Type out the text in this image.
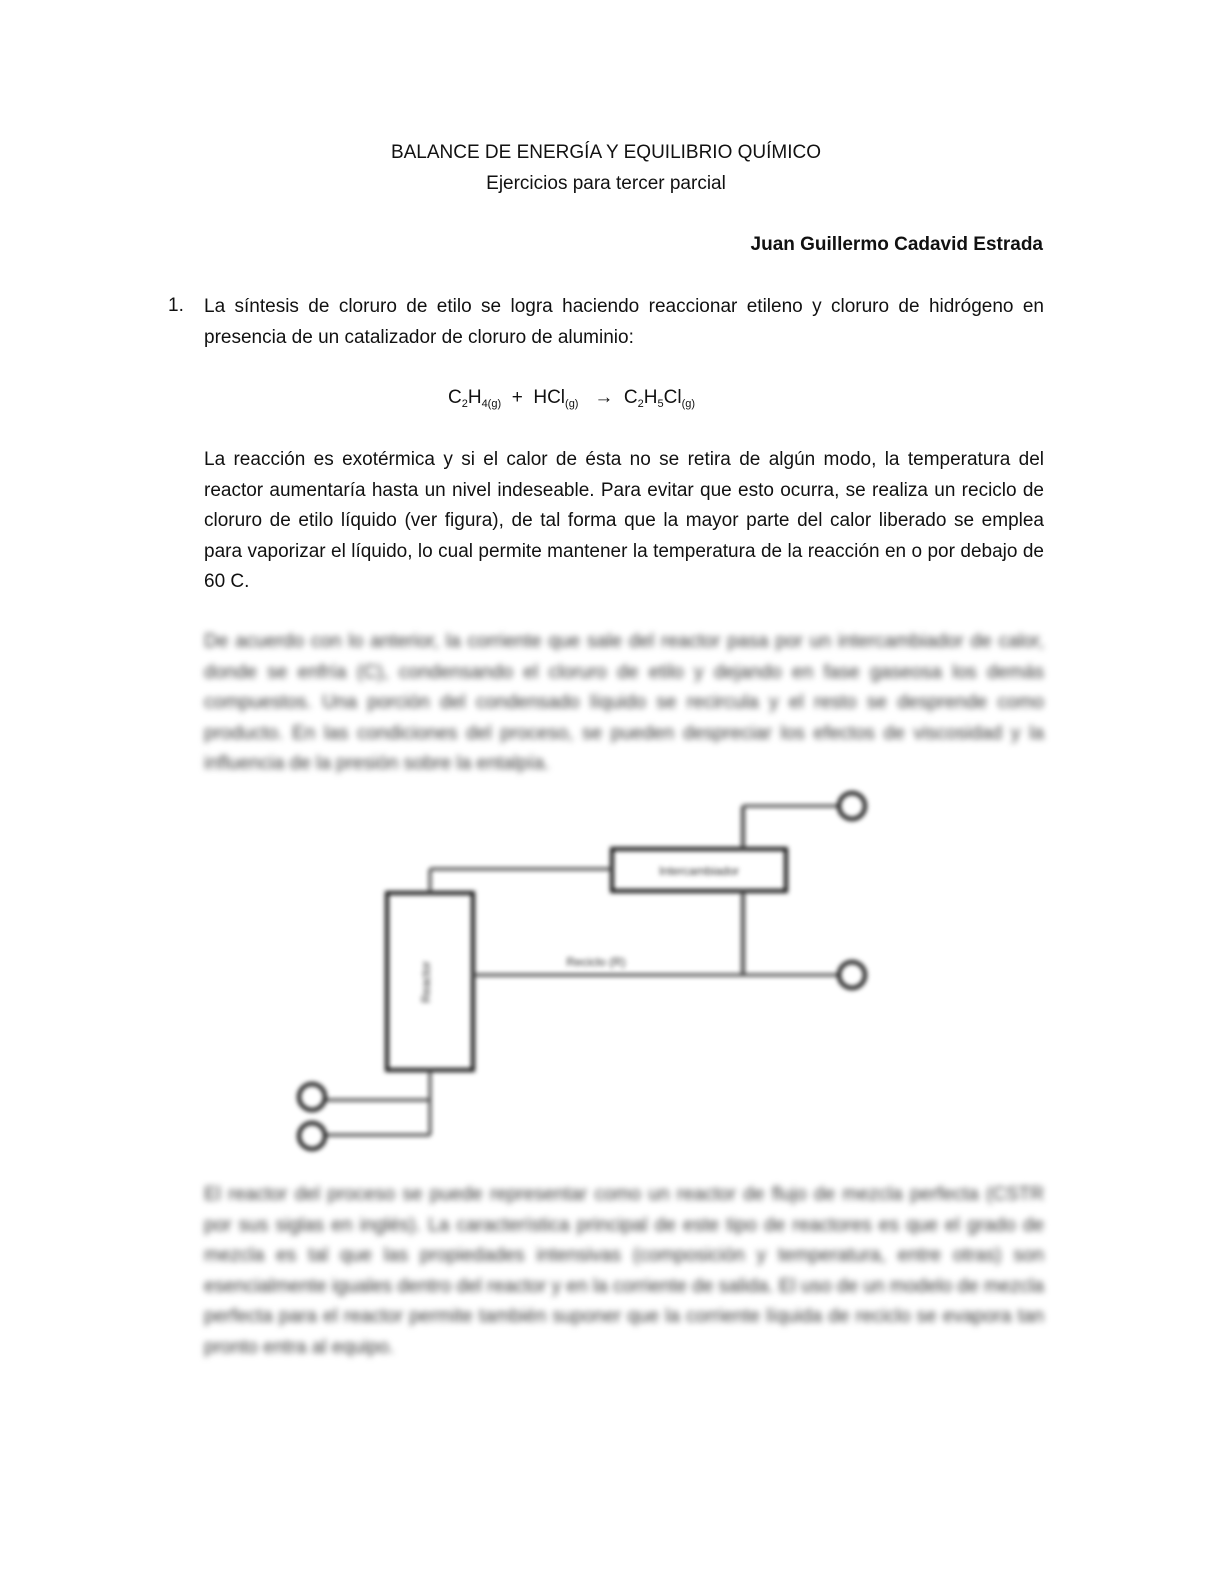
BALANCE DE ENERGÍA Y EQUILIBRIO QUÍMICO
Ejercicios para tercer parcial
Juan Guillermo Cadavid Estrada
1. La síntesis de cloruro de etilo se logra haciendo reaccionar etileno y cloruro de hidrógeno en presencia de un catalizador de cloruro de aluminio:
$C_2H_{4(g)} + HCl_{(g)} \to C_2H_5Cl_{(g)}$
La reacción es exotérmica y si el calor de ésta no se retira de algún modo, la temperatura del reactor aumentaría hasta un nivel indeseable. Para evitar que esto ocurra, se realiza un reciclo de cloruro de etilo líquido (ver figura), de tal forma que la mayor parte del calor liberado se emplea para vaporizar el líquido, lo cual permite mantener la temperatura de la reacción en o por debajo de 60 C.
De acuerdo con lo anterior, la corriente que sale del reactor pasa por un intercambiador de calor, donde se enfría (C), condensando el cloruro de etilo y dejando en fase gaseosa los demás compuestos. Una porción del condensado líquido se recircula y el resto se desprende como producto. En las condiciones del proceso, se pueden despreciar los efectos de viscosidad y la influencia de la presión sobre la entalpía.
Reactor
Intercambiador
Reciclo (R)
El reactor del proceso se puede representar como un reactor de flujo de mezcla perfecta (CSTR por sus siglas en inglés). La característica principal de este tipo de reactores es que el grado de mezcla es tal que las propiedades intensivas (composición y temperatura, entre otras) son esencialmente iguales dentro del reactor y en la corriente de salida. El uso de un modelo de mezcla perfecta para el reactor permite también suponer que la corriente líquida de reciclo se evapora tan pronto entra al equipo.
